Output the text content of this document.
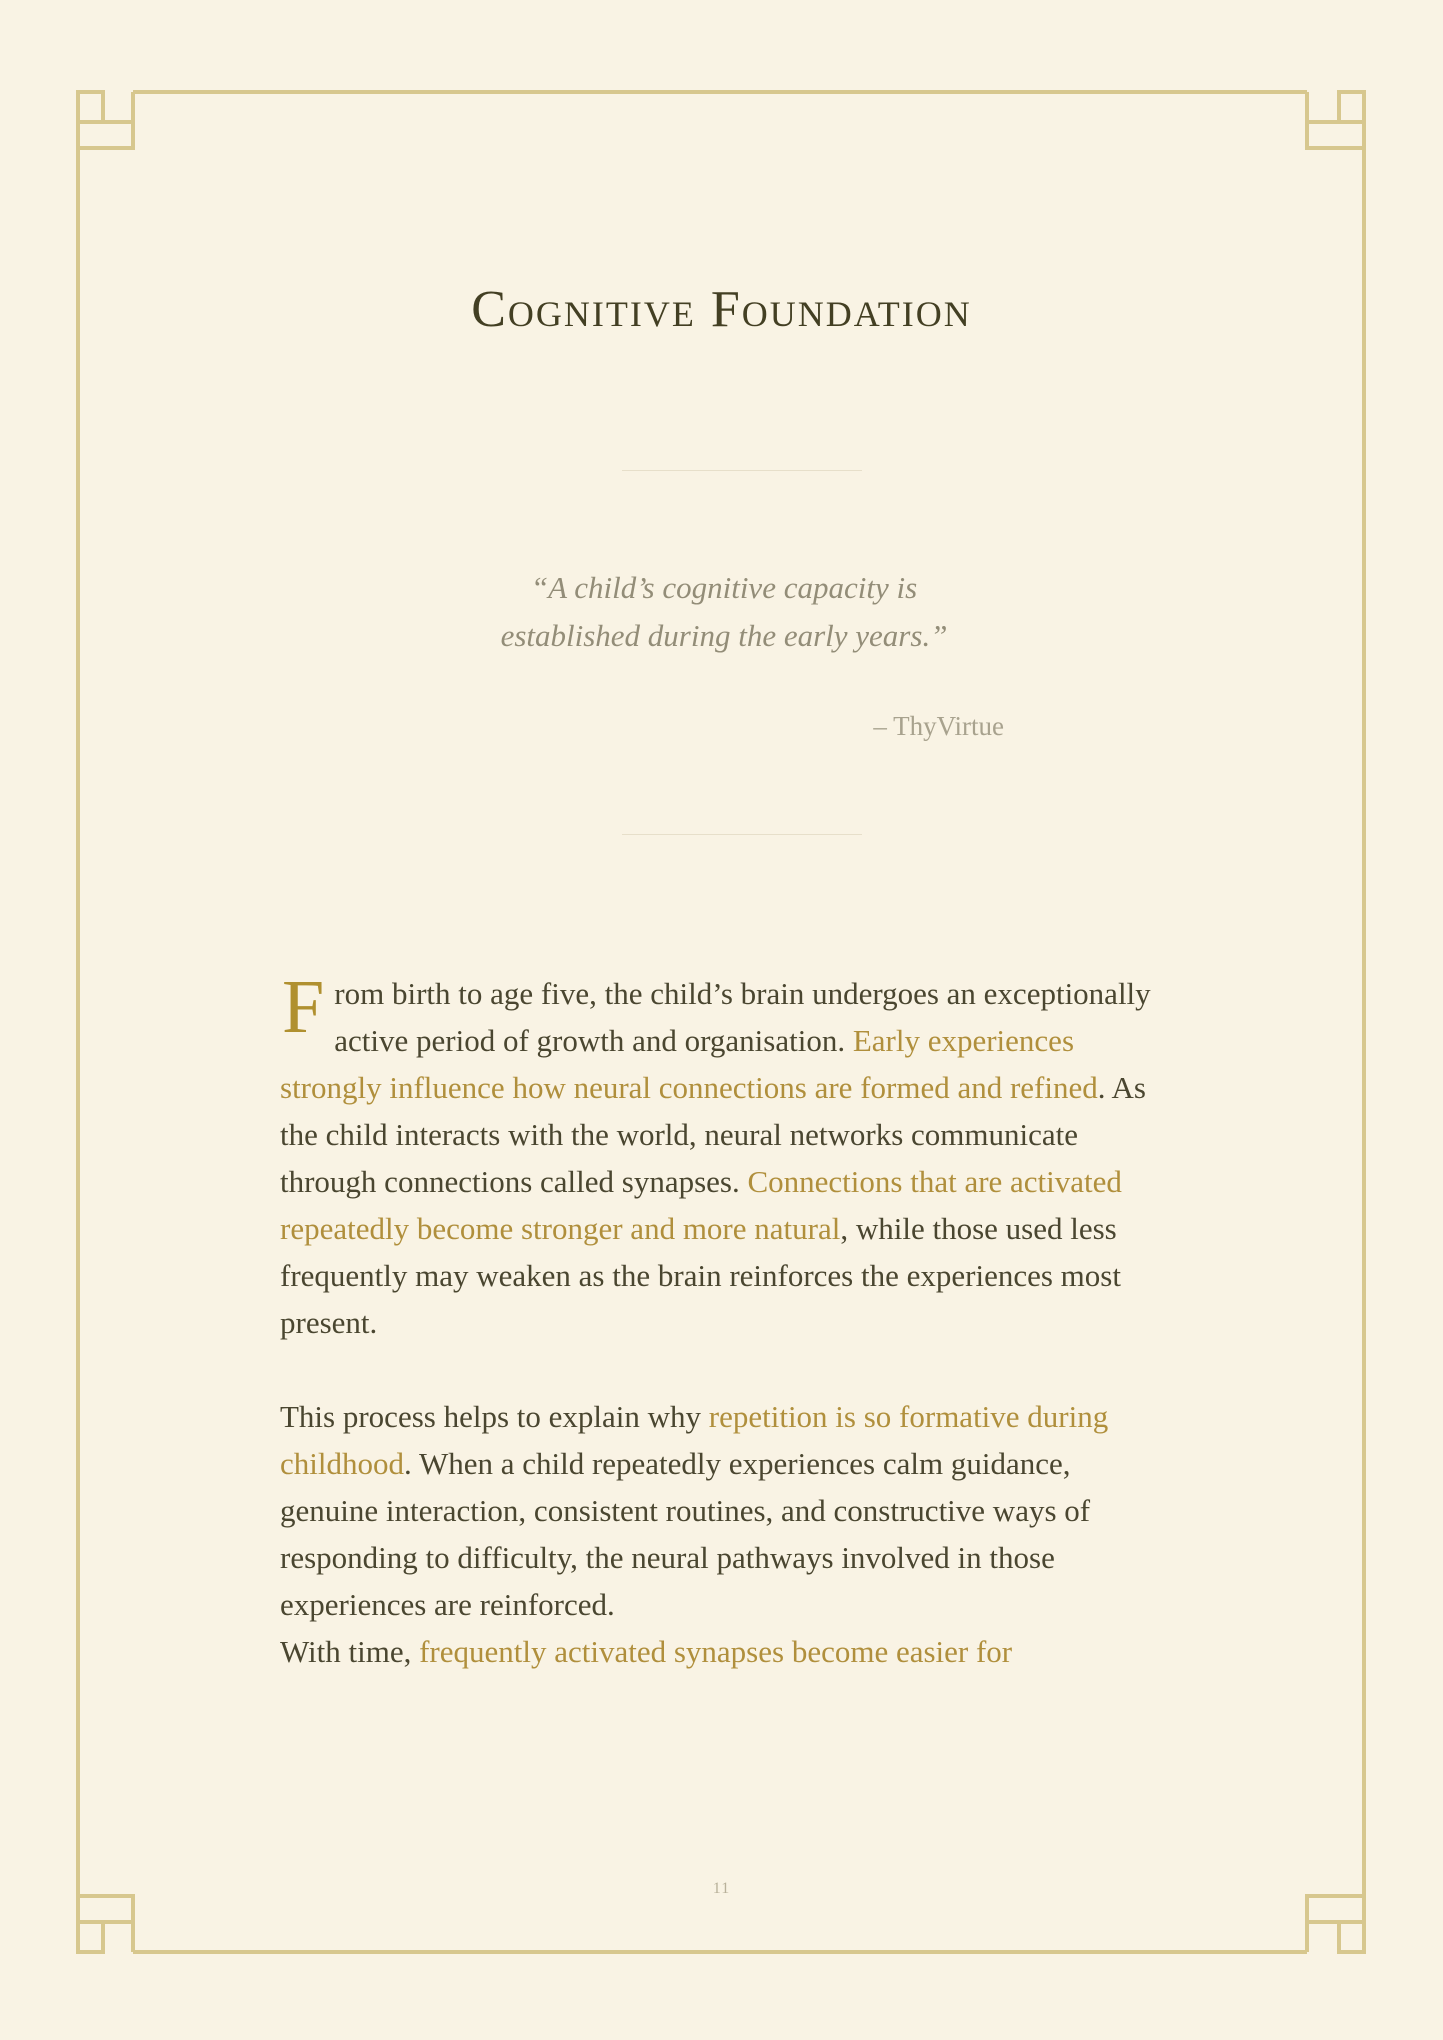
Cognitive Foundation

“A child’s cognitive capacity is
established during the early years.”

– ThyVirtue

From birth to age five, the child’s brain undergoes an exceptionally active period of growth and organisation. Early experiences strongly influence how neural connections are formed and refined. As the child interacts with the world, neural networks communicate through connections called synapses. Connections that are activated repeatedly become stronger and more natural, while those used less frequently may weaken as the brain reinforces the experiences most present.

This process helps to explain why repetition is so formative during childhood. When a child repeatedly experiences calm guidance, genuine interaction, consistent routines, and constructive ways of responding to difficulty, the neural pathways involved in those experiences are reinforced.

With time, frequently activated synapses become easier for

11
